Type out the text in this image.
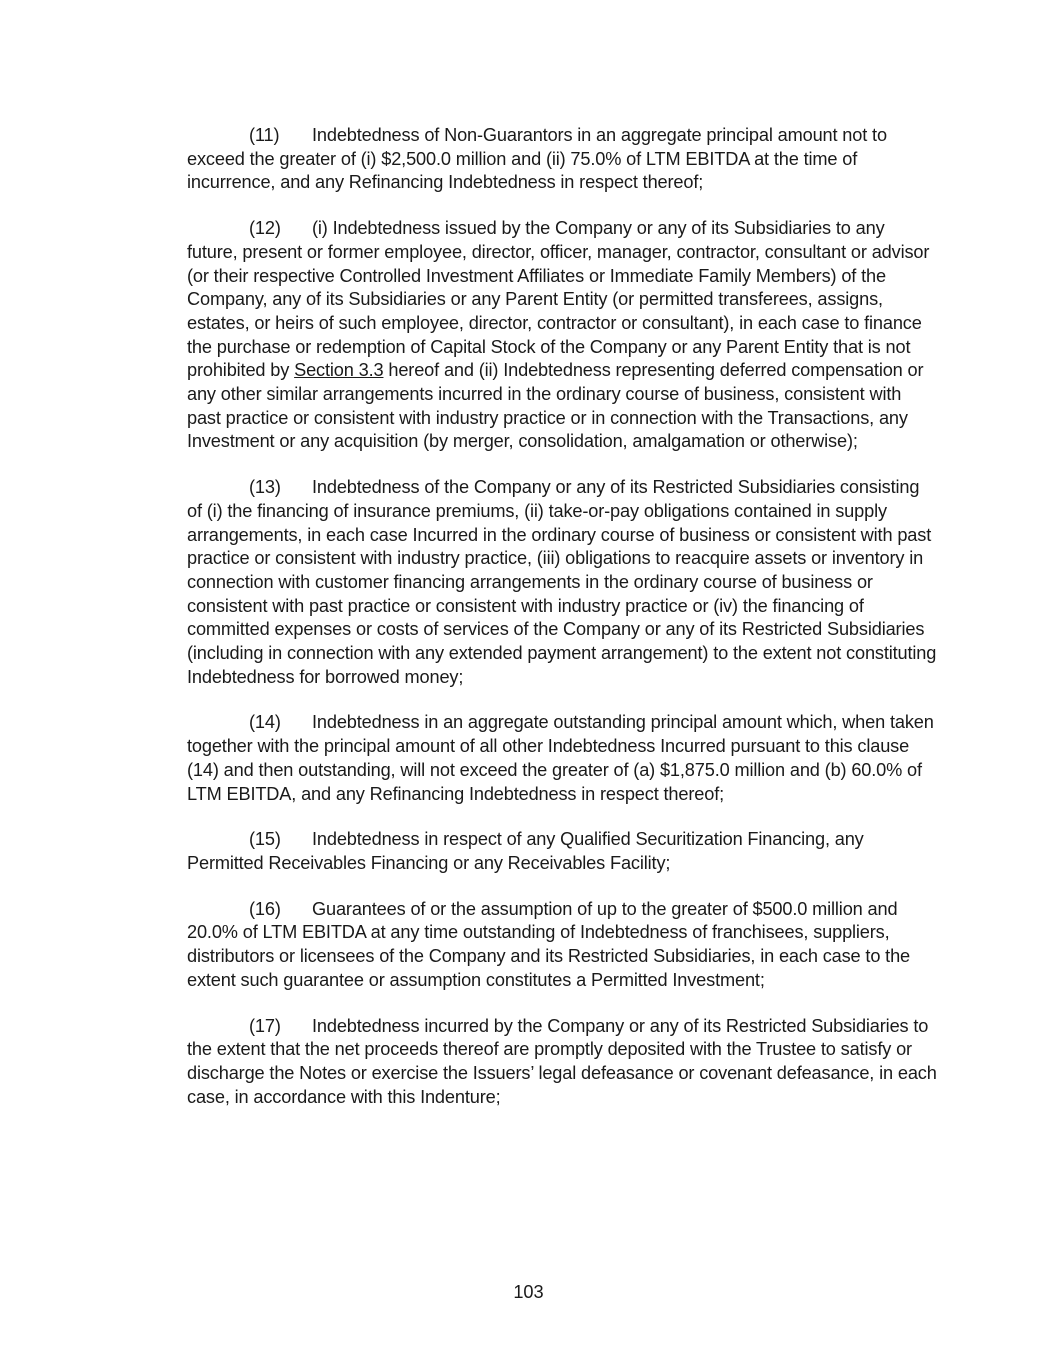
(11) Indebtedness of Non-Guarantors in an aggregate principal amount not to exceed the greater of (i) $2,500.0 million and (ii) 75.0% of LTM EBITDA at the time of incurrence, and any Refinancing Indebtedness in respect thereof;

(12) (i) Indebtedness issued by the Company or any of its Subsidiaries to any future, present or former employee, director, officer, manager, contractor, consultant or advisor (or their respective Controlled Investment Affiliates or Immediate Family Members) of the Company, any of its Subsidiaries or any Parent Entity (or permitted transferees, assigns, estates, or heirs of such employee, director, contractor or consultant), in each case to finance the purchase or redemption of Capital Stock of the Company or any Parent Entity that is not prohibited by Section 3.3 hereof and (ii) Indebtedness representing deferred compensation or any other similar arrangements incurred in the ordinary course of business, consistent with past practice or consistent with industry practice or in connection with the Transactions, any Investment or any acquisition (by merger, consolidation, amalgamation or otherwise);

(13) Indebtedness of the Company or any of its Restricted Subsidiaries consisting of (i) the financing of insurance premiums, (ii) take-or-pay obligations contained in supply arrangements, in each case Incurred in the ordinary course of business or consistent with past practice or consistent with industry practice, (iii) obligations to reacquire assets or inventory in connection with customer financing arrangements in the ordinary course of business or consistent with past practice or consistent with industry practice or (iv) the financing of committed expenses or costs of services of the Company or any of its Restricted Subsidiaries (including in connection with any extended payment arrangement) to the extent not constituting Indebtedness for borrowed money;

(14) Indebtedness in an aggregate outstanding principal amount which, when taken together with the principal amount of all other Indebtedness Incurred pursuant to this clause (14) and then outstanding, will not exceed the greater of (a) $1,875.0 million and (b) 60.0% of LTM EBITDA, and any Refinancing Indebtedness in respect thereof;

(15) Indebtedness in respect of any Qualified Securitization Financing, any Permitted Receivables Financing or any Receivables Facility;

(16) Guarantees of or the assumption of up to the greater of $500.0 million and 20.0% of LTM EBITDA at any time outstanding of Indebtedness of franchisees, suppliers, distributors or licensees of the Company and its Restricted Subsidiaries, in each case to the extent such guarantee or assumption constitutes a Permitted Investment;

(17) Indebtedness incurred by the Company or any of its Restricted Subsidiaries to the extent that the net proceeds thereof are promptly deposited with the Trustee to satisfy or discharge the Notes or exercise the Issuers’ legal defeasance or covenant defeasance, in each case, in accordance with this Indenture;

103
